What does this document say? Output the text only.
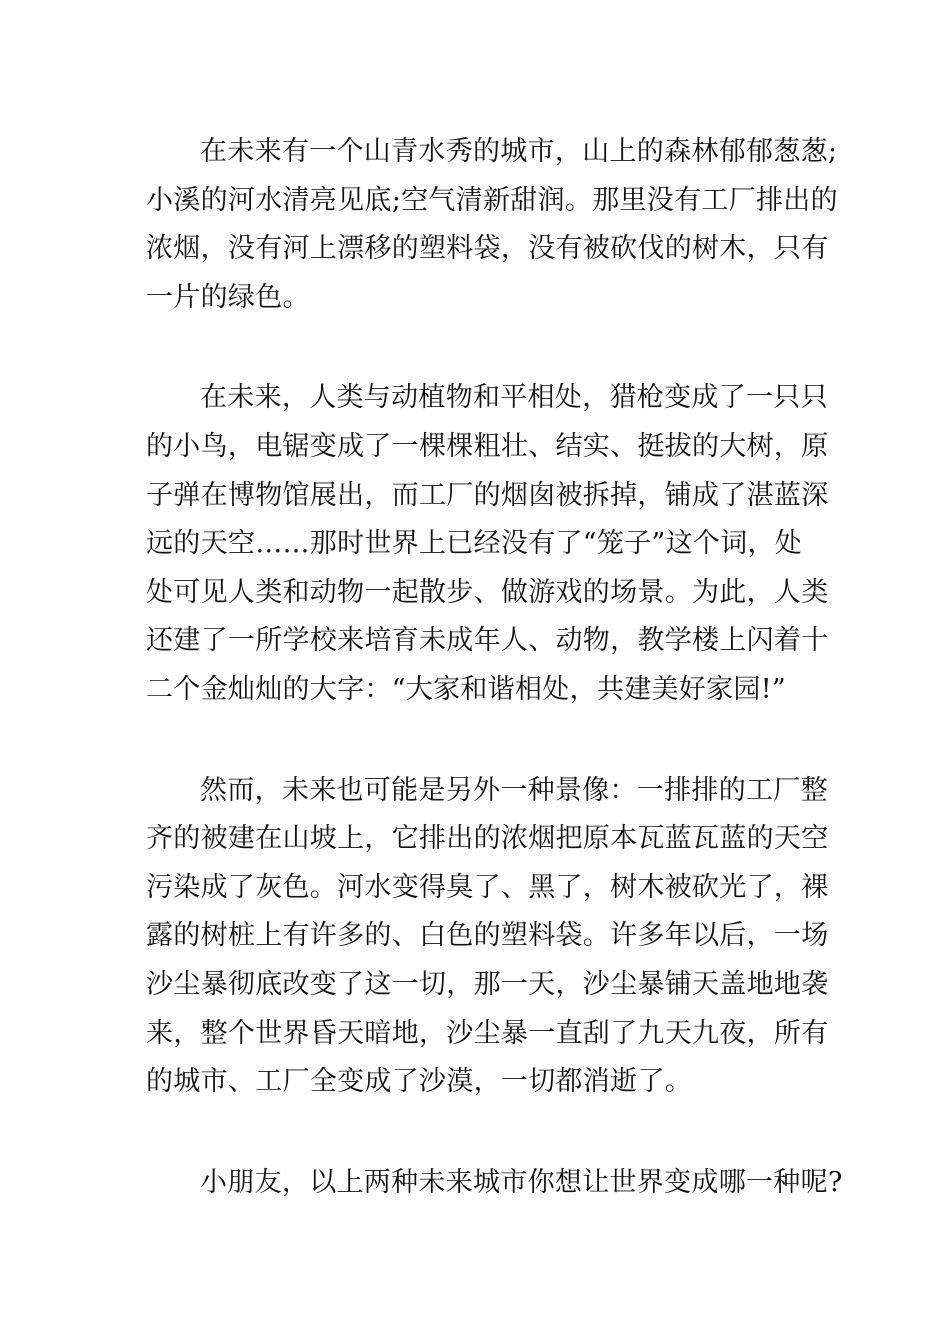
在未来有一个山青水秀的城市，山上的森林郁郁葱葱;
小溪的河水清亮见底;空气清新甜润。那里没有工厂排出的
浓烟，没有河上漂移的塑料袋，没有被砍伐的树木，只有
一片的绿色。

在未来，人类与动植物和平相处，猎枪变成了一只只
的小鸟，电锯变成了一棵棵粗壮、结实、挺拔的大树，原
子弹在博物馆展出，而工厂的烟囱被拆掉，铺成了湛蓝深
远的天空……那时世界上已经没有了“笼子”这个词，处
处可见人类和动物一起散步、做游戏的场景。为此，人类
还建了一所学校来培育未成年人、动物，教学楼上闪着十
二个金灿灿的大字：“大家和谐相处，共建美好家园!”

然而，未来也可能是另外一种景像：一排排的工厂整
齐的被建在山坡上，它排出的浓烟把原本瓦蓝瓦蓝的天空
污染成了灰色。河水变得臭了、黑了，树木被砍光了，裸
露的树桩上有许多的、白色的塑料袋。许多年以后，一场
沙尘暴彻底改变了这一切，那一天，沙尘暴铺天盖地地袭
来，整个世界昏天暗地，沙尘暴一直刮了九天九夜，所有
的城市、工厂全变成了沙漠，一切都消逝了。

小朋友，以上两种未来城市你想让世界变成哪一种呢?
